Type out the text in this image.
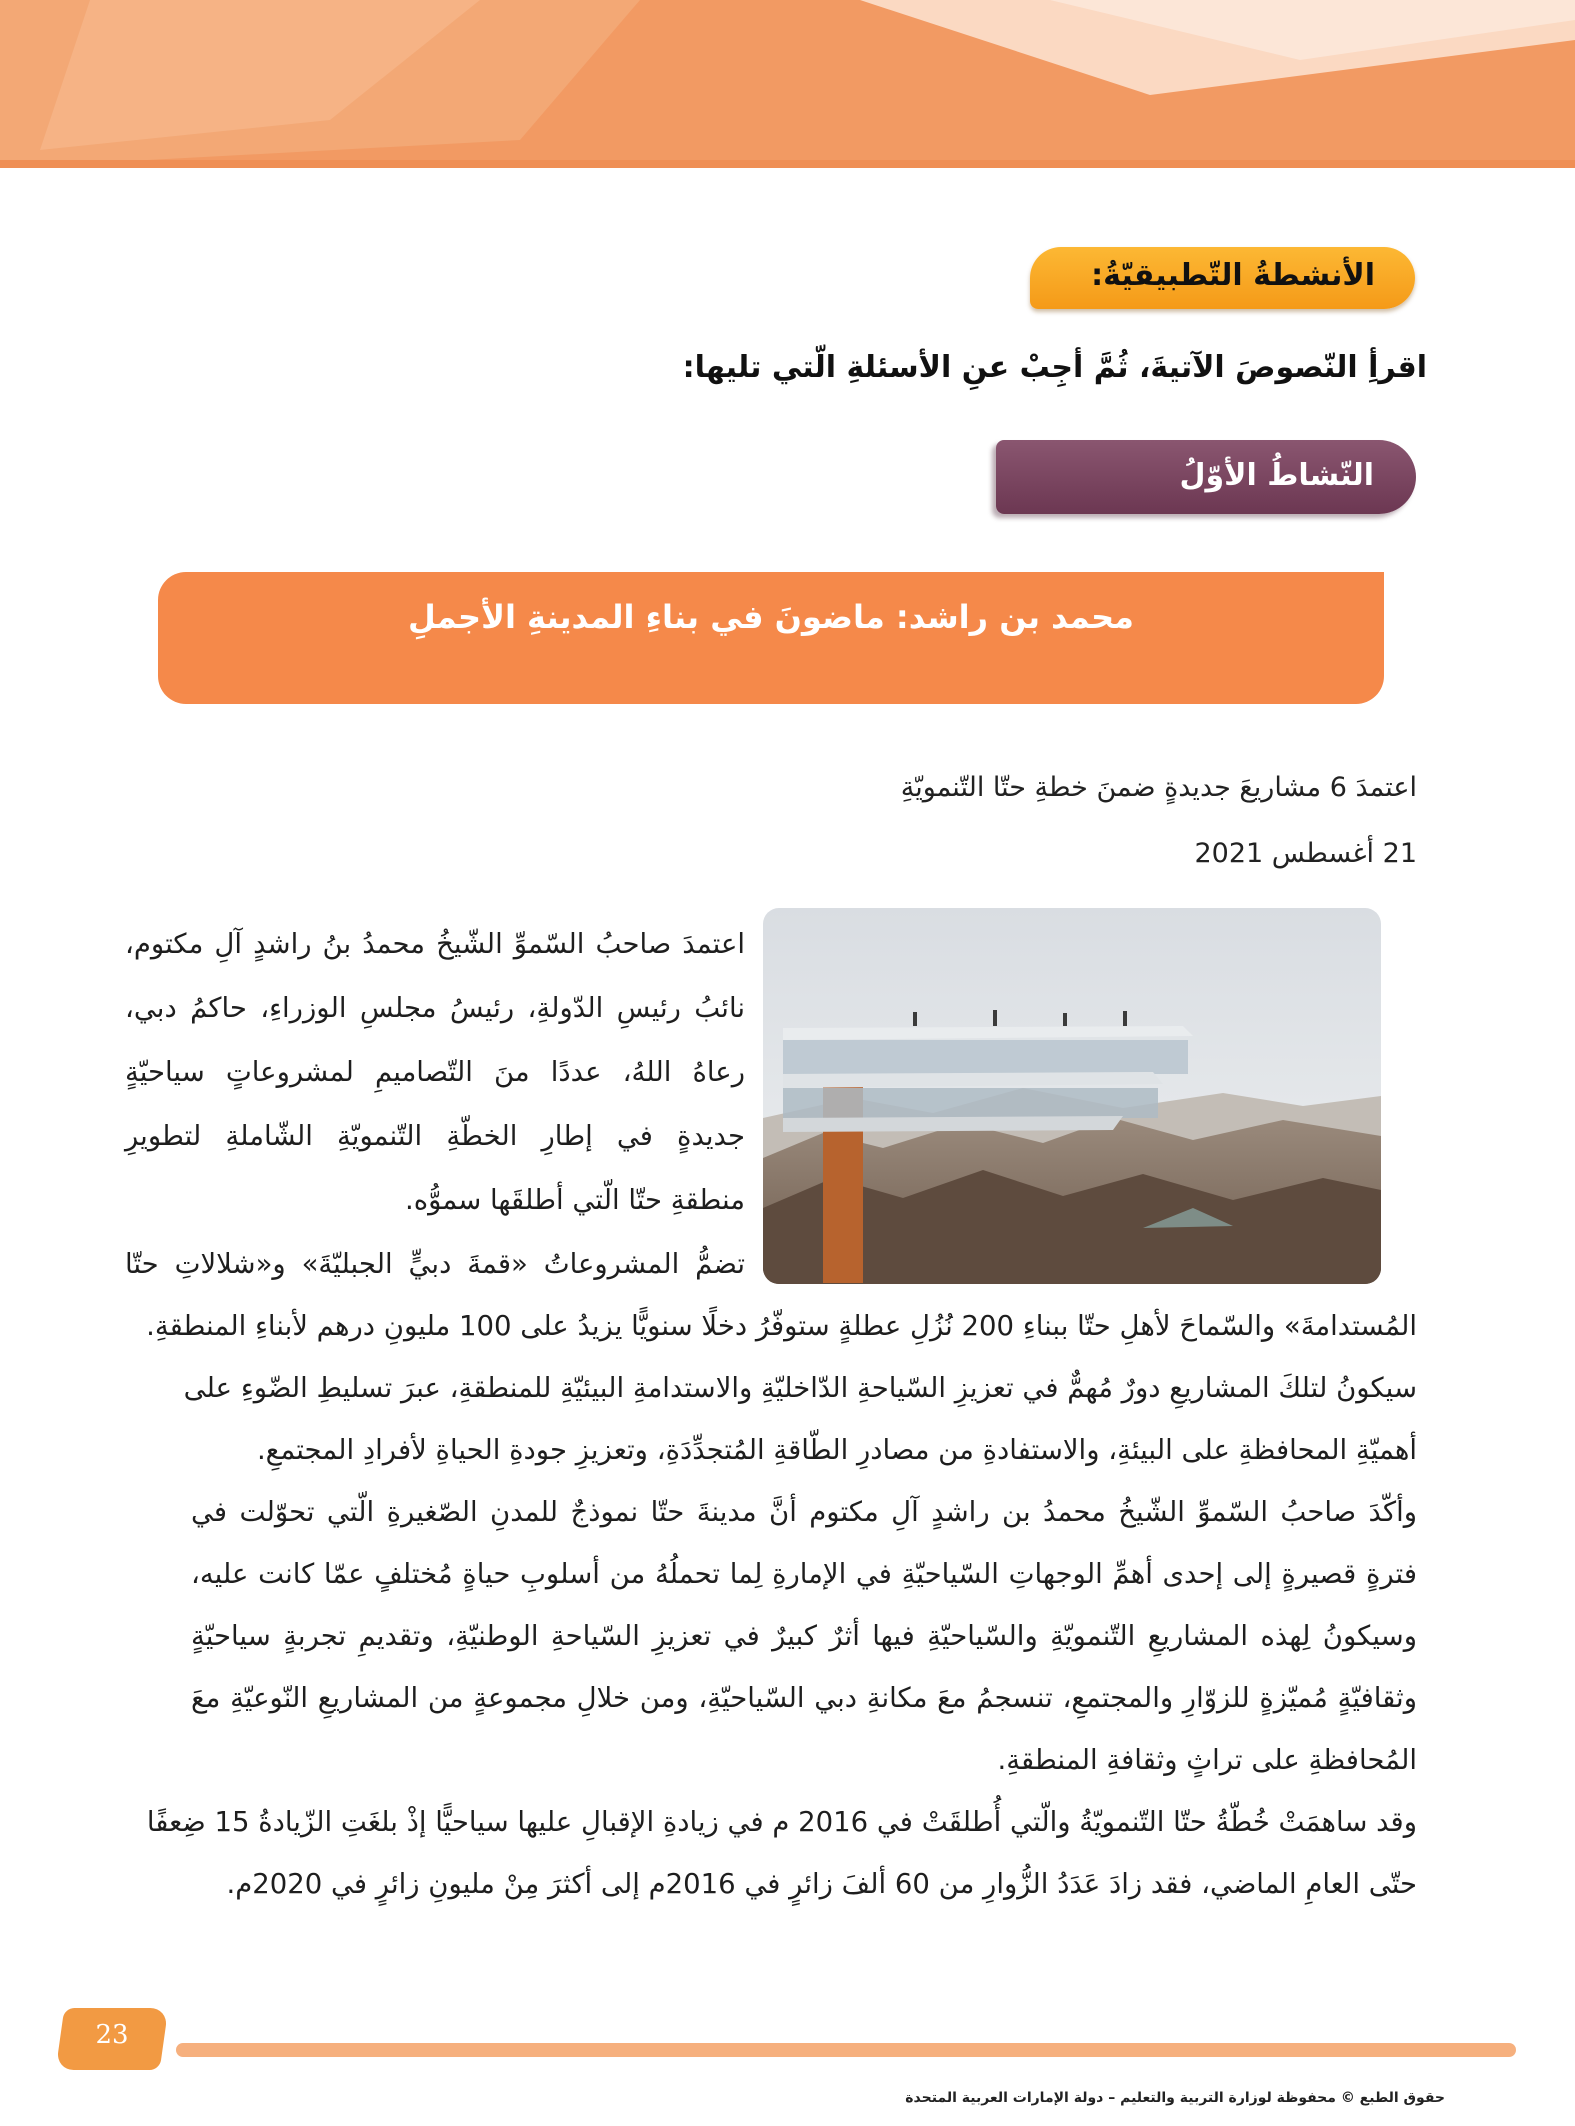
الأنشطةُ التّطبيقيّةُ:
اقرأِ النّصوصَ الآتيةَ، ثُمَّ أجِبْ عنِ الأسئلةِ الّتي تليها:
النّشاطُ الأوّلُ
محمد بن راشد: ماضونَ في بناءِ المدينةِ الأجملِ
اعتمدَ 6 مشاريعَ جديدةٍ ضمنَ خطةِ حتّا التّنمويّةِ
21 أغسطس 2021
اعتمدَ صاحبُ السّموِّ الشّيخُ محمدُ بنُ راشدٍ آلِ مكتوم،
نائبُ رئيسِ الدّولةِ، رئيسُ مجلسِ الوزراءِ، حاكمُ دبي،
رعاهُ اللهُ، عددًا منَ التّصاميمِ لمشروعاتٍ سياحيّةٍ
جديدةٍ في إطارِ الخطّةِ التّنمويّةِ الشّاملةِ لتطويرِ
منطقةِ حتّا الّتي أطلقَها سموُّه.
تضمُّ المشروعاتُ «قمةَ دبيٍّ الجبليّةَ» و«شلالاتِ حتّا
المُستدامةَ» والسّماحَ لأهلِ حتّا ببناءِ 200 نُزُلِ عطلةٍ ستوفّرُ دخلًا سنويًّا يزيدُ على 100 مليونِ درهم لأبناءِ المنطقةِ.
سيكونُ لتلكَ المشاريعِ دورٌ مُهمٌّ في تعزيزِ السّياحةِ الدّاخليّةِ والاستدامةِ البيئيّةِ للمنطقةِ، عبرَ تسليطِ الضّوءِ على
أهميّةِ المحافظةِ على البيئةِ، والاستفادةِ من مصادرِ الطّاقةِ المُتجدِّدَةِ، وتعزيزِ جودةِ الحياةِ لأفرادِ المجتمعِ.
وأكّدَ صاحبُ السّموِّ الشّيخُ محمدُ بن راشدٍ آلِ مكتوم أنَّ مدينةَ حتّا نموذجٌ للمدنِ الصّغيرةِ الّتي تحوّلت في
فترةٍ قصيرةٍ إلى إحدى أهمِّ الوجهاتِ السّياحيّةِ في الإمارةِ لِما تحملُهُ من أسلوبِ حياةٍ مُختلفٍ عمّا كانت عليه،
وسيكونُ لِهذه المشاريعِ التّنمويّةِ والسّياحيّةِ فيها أثرٌ كبيرٌ في تعزيزِ السّياحةِ الوطنيّةِ، وتقديمِ تجربةٍ سياحيّةٍ
وثقافيّةٍ مُميّزةٍ للزوّارِ والمجتمعِ، تنسجمُ معَ مكانةِ دبي السّياحيّةِ، ومن خلالِ مجموعةٍ من المشاريعِ النّوعيّةِ معَ
المُحافظةِ على تراثٍ وثقافةِ المنطقةِ.
وقد ساهمَتْ خُطّةُ حتّا التّنمويّةُ والّتي أُطلقَتْ في 2016 م في زيادةِ الإقبالِ عليها سياحيًّا إذْ بلغَتِ الزّيادةُ 15 ضِعفًا
حتّى العامِ الماضي، فقد زادَ عَدَدُ الزُّوارِ من 60 ألفَ زائرٍ في 2016م إلى أكثرَ مِنْ مليونِ زائرٍ في 2020م.
23
حقوق الطبع © محفوظة لوزارة التربية والتعليم – دولة الإمارات العربية المتحدة
